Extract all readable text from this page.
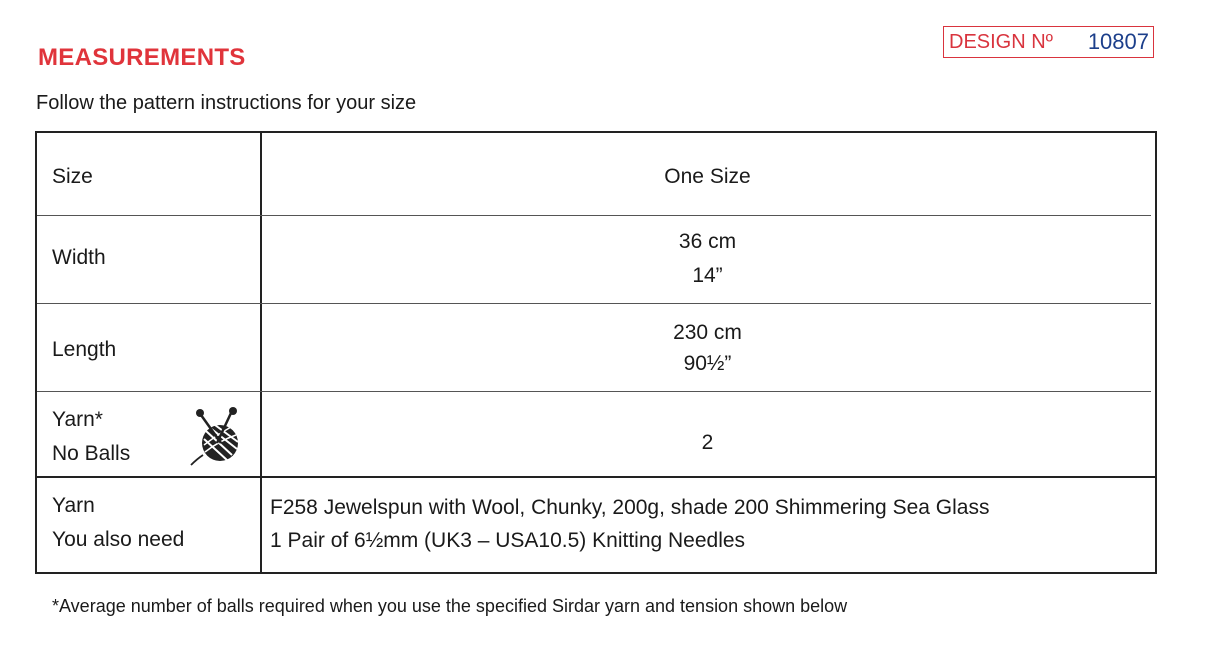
MEASUREMENTS
DESIGN Nº 10807

Follow the pattern instructions for your size

Size	One Size
Width
36 cm
14”
Length
230 cm
90½”
Yarn*
No Balls	2
Yarn
You also need
F258 Jewelspun with Wool, Chunky, 200g, shade 200 Shimmering Sea Glass
1 Pair of 6½mm (UK3 – USA10.5) Knitting Needles

*Average number of balls required when you use the specified Sirdar yarn and tension shown below
